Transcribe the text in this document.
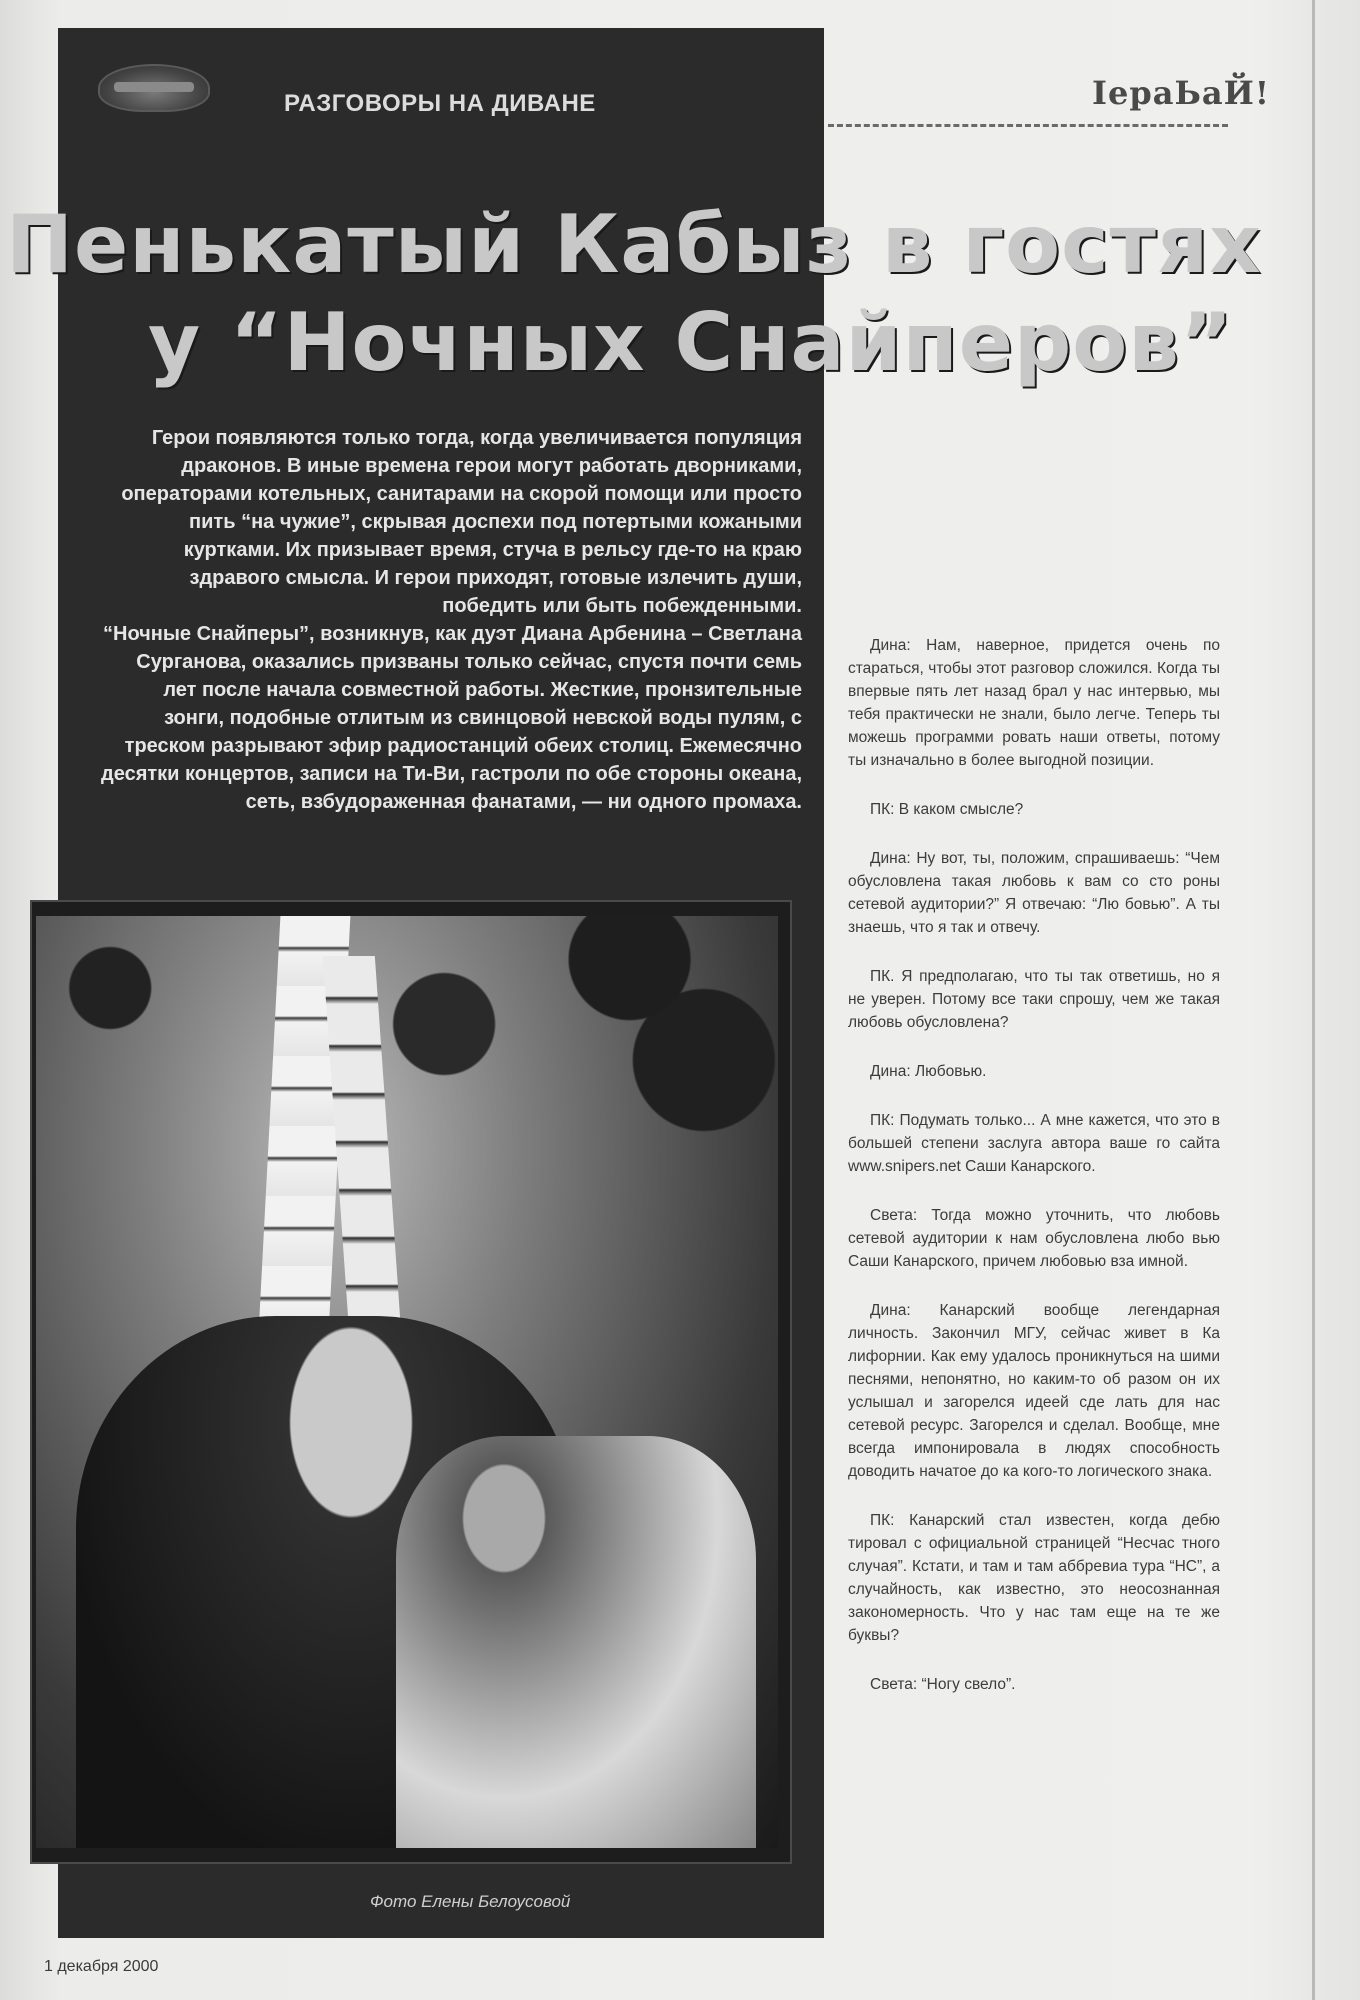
РАЗГОВОРЫ НА ДИВАНЕ	ІераЬаЙ!
Пенькатый Кабыз в гостях
у “Ночных Снайперов”

Герои появляются только тогда, когда увеличивается популяция драконов. В иные времена герои могут работать дворниками, операторами котельных, санитарами на скорой помощи или просто пить “на чужие”, скрывая доспехи под потертыми кожаными куртками. Их призывает время, стуча в рельсу где-то на краю здравого смысла. И герои приходят, готовые излечить души, победить или быть побежденными.

“Ночные Снайперы”, возникнув, как дуэт Диана Арбенина – Светлана Сурганова, оказались призваны только сейчас, спустя почти семь лет после начала совместной работы. Жесткие, пронзительные зонги, подобные отлитым из свинцовой невской воды пулям, с треском разрывают эфир радиостанций обеих столиц. Ежемесячно десятки концертов, записи на Ти-Ви, гастроли по обе стороны океана, сеть, взбудораженная фанатами, — ни одного промаха.

Фото Елены Белоусовой
1 декабря 2000

Дина: Нам, наверное, придется очень по стараться, чтобы этот разговор сложился. Когда ты впервые пять лет назад брал у нас интервью, мы тебя практически не знали, было легче. Теперь ты можешь программи ровать наши ответы, потому ты изначально в более выгодной позиции.

ПК: В каком смысле?

Дина: Ну вот, ты, положим, спрашиваешь: “Чем обусловлена такая любовь к вам со сто роны сетевой аудитории?” Я отвечаю: “Лю бовью”. А ты знаешь, что я так и отвечу.

ПК. Я предполагаю, что ты так ответишь, но я не уверен. Потому все таки спрошу, чем же такая любовь обусловлена?

Дина: Любовью.

ПК: Подумать только... А мне кажется, что это в большей степени заслуга автора ваше го сайта www.snipers.net Саши Канарского.

Света: Тогда можно уточнить, что любовь сетевой аудитории к нам обусловлена любо вью Саши Канарского, причем любовью вза имной.

Дина: Канарский вообще легендарная личность. Закончил МГУ, сейчас живет в Ка лифорнии. Как ему удалось проникнуться на шими песнями, непонятно, но каким-то об разом он их услышал и загорелся идеей сде лать для нас сетевой ресурс. Загорелся и сделал. Вообще, мне всегда импонировала в людях способность доводить начатое до ка кого-то логического знака.

ПК: Канарский стал известен, когда дебю тировал с официальной страницей “Несчас тного случая”. Кстати, и там и там аббревиа тура “НС”, а случайность, как известно, это неосознанная закономерность. Что у нас там еще на те же буквы?

Света: “Ногу свело”.
